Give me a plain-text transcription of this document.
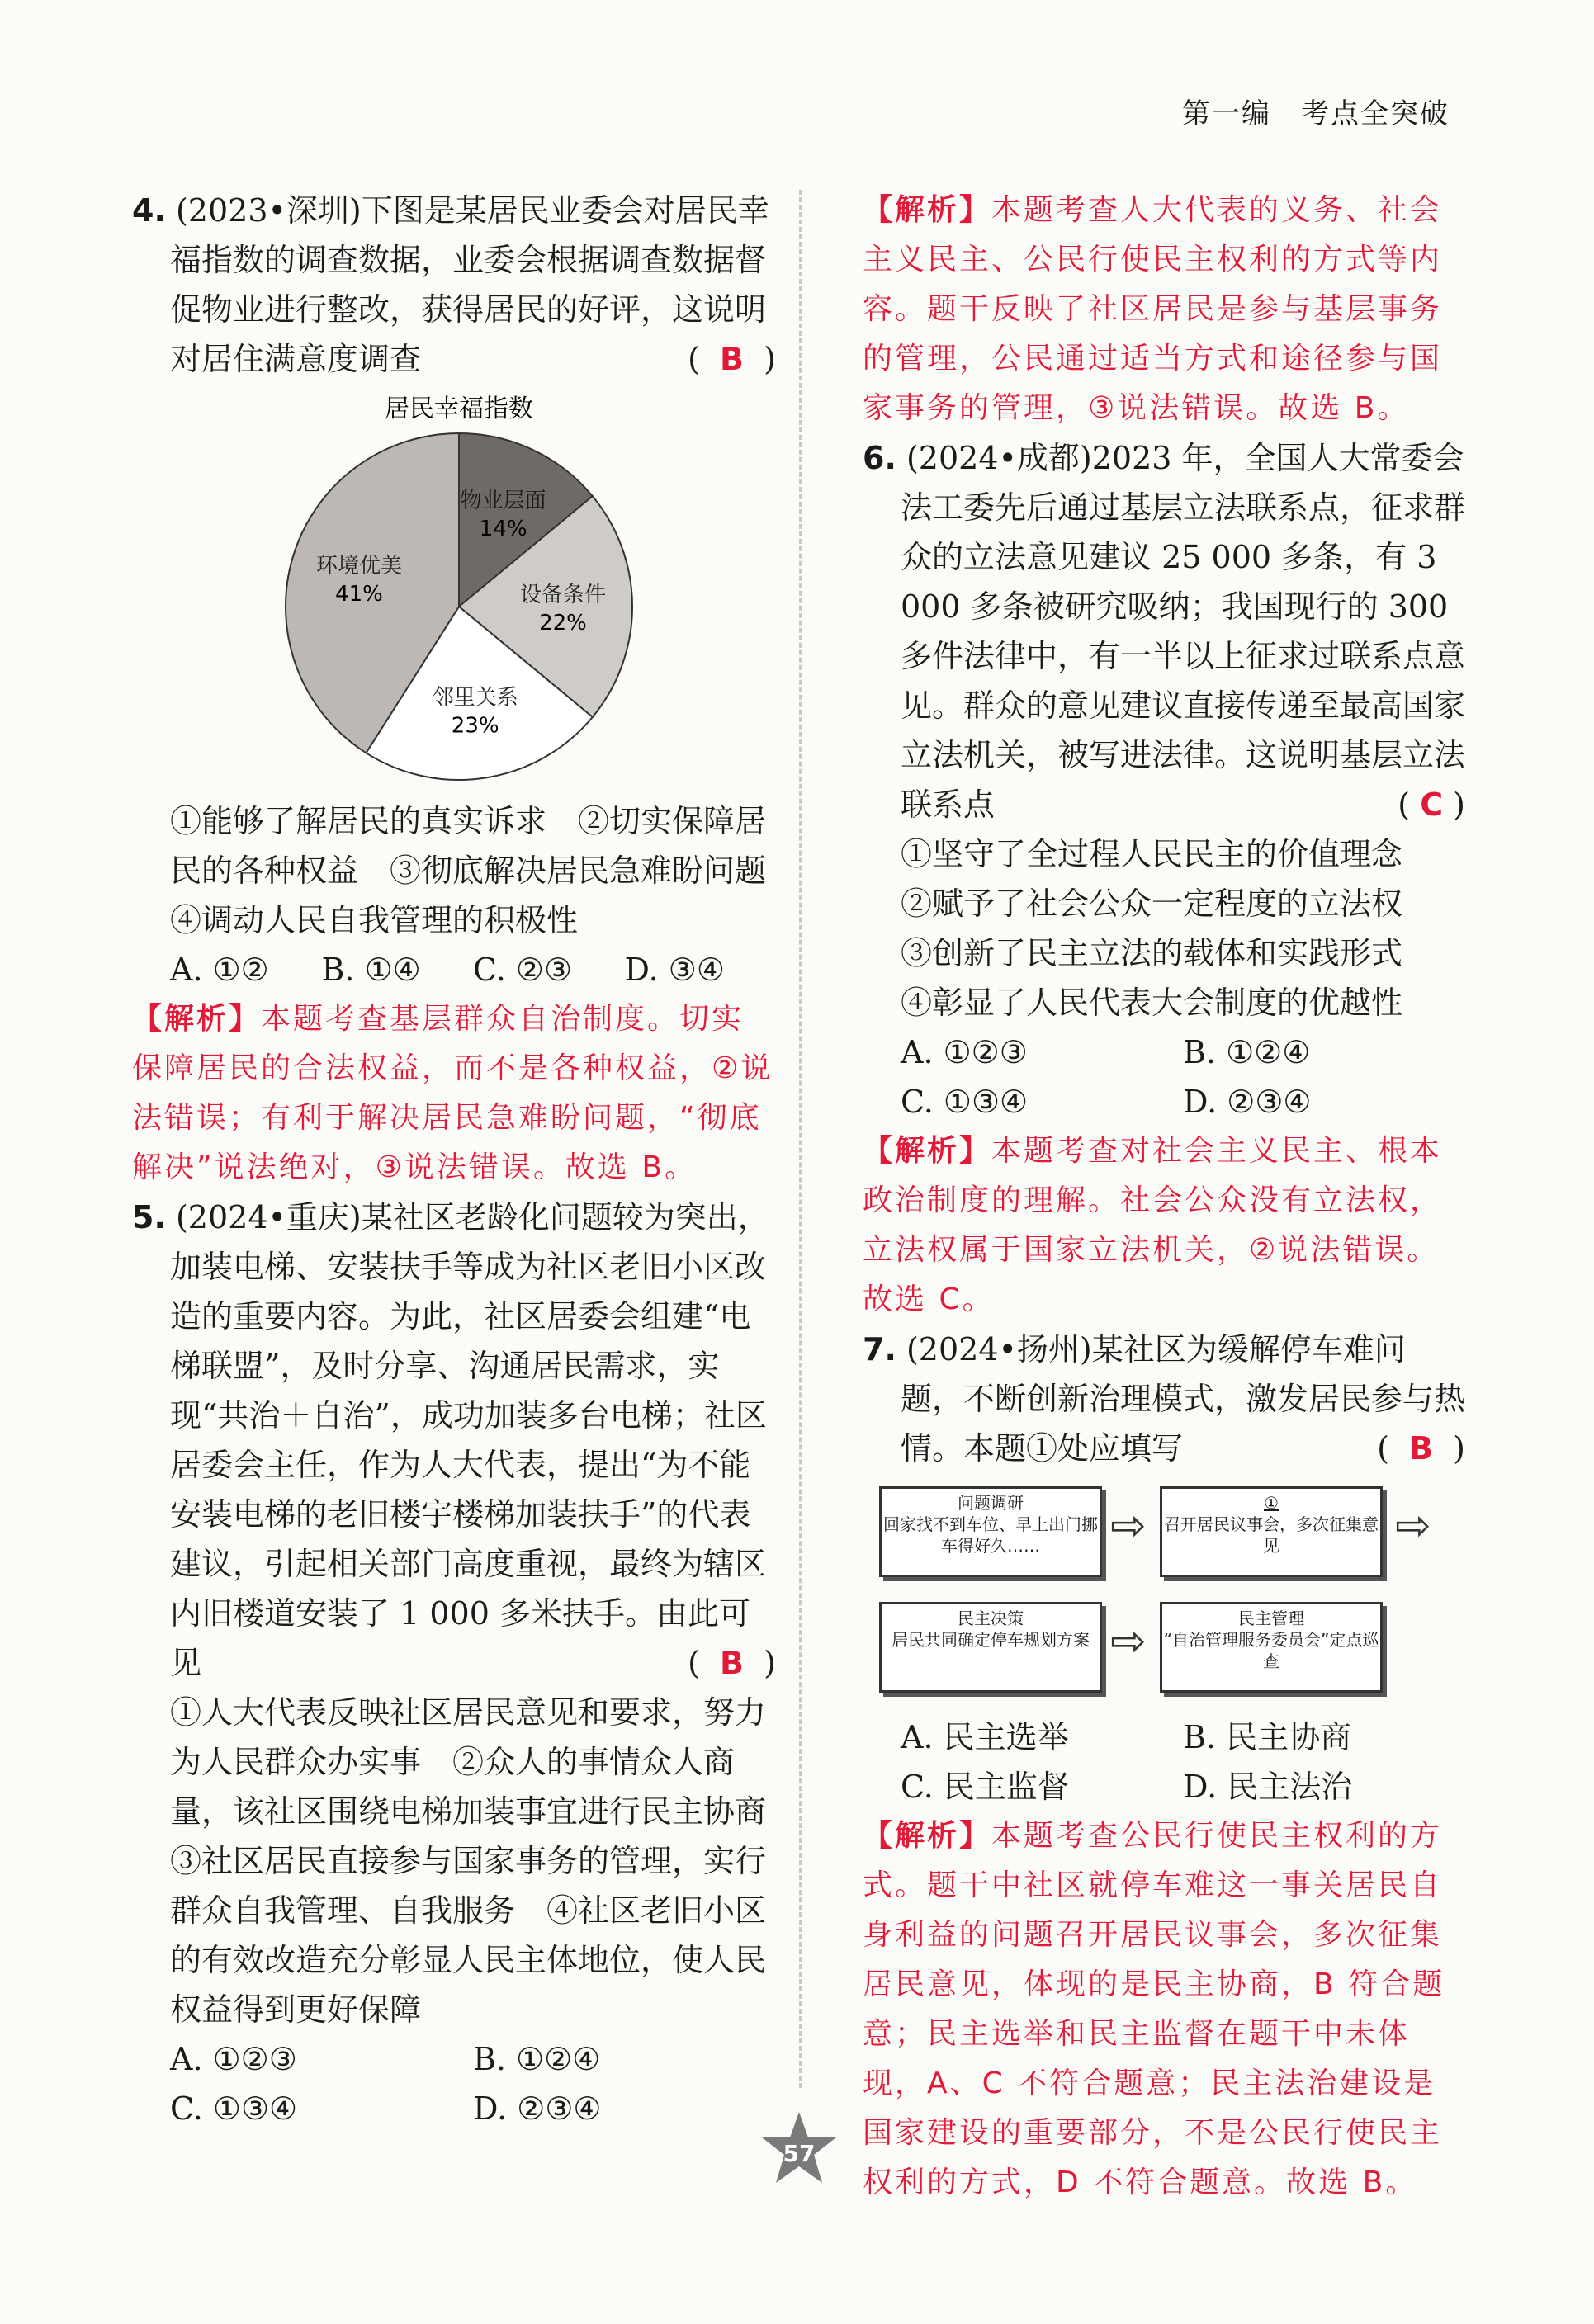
第一编 考点全突破

4. (2023•深圳)下图是某居民业委会对居民幸福指数的调查数据，业委会根据调查数据督促物业进行整改，获得居民的好评，这说明对居住满意度调查	(  B  )

居民幸福指数
物业层面
14%
设备条件
22%
邻里关系
23%
环境优美
41%

①能够了解居民的真实诉求　②切实保障居民的各种权益　③彻底解决居民急难盼问题　④调动人民自我管理的积极性

A. ①②	B. ①④	C. ②③	D. ③④

【解析】本题考查基层群众自治制度。切实保障居民的合法权益，而不是各种权益，②说法错误；有利于解决居民急难盼问题，“彻底解决”说法绝对，③说法错误。故选 B。

5. (2024•重庆)某社区老龄化问题较为突出，加装电梯、安装扶手等成为社区老旧小区改造的重要内容。为此，社区居委会组建“电梯联盟”，及时分享、沟通居民需求，实现“共治＋自治”，成功加装多台电梯；社区居委会主任，作为人大代表，提出“为不能安装电梯的老旧楼宇楼梯加装扶手”的代表建议，引起相关部门高度重视，最终为辖区内旧楼道安装了 1 000 多米扶手。由此可见	(  B  )

①人大代表反映社区居民意见和要求，努力为人民群众办实事　②众人的事情众人商量，该社区围绕电梯加装事宜进行民主协商　③社区居民直接参与国家事务的管理，实行群众自我管理、自我服务　④社区老旧小区的有效改造充分彰显人民主体地位，使人民权益得到更好保障

A. ①②③	B. ①②④
C. ①③④	D. ②③④

【解析】本题考查人大代表的义务、社会主义民主、公民行使民主权利的方式等内容。题干反映了社区居民是参与基层事务的管理，公民通过适当方式和途径参与国家事务的管理，③说法错误。故选 B。

6. (2024•成都)2023 年，全国人大常委会法工委先后通过基层立法联系点，征求群众的立法意见建议 25 000 多条，有 3 000 多条被研究吸纳；我国现行的 300 多件法律中，有一半以上征求过联系点意见。群众的意见建议直接传递至最高国家立法机关，被写进法律。这说明基层立法联系点	( C )

①坚守了全过程人民民主的价值理念

②赋予了社会公众一定程度的立法权

③创新了民主立法的载体和实践形式

④彰显了人民代表大会制度的优越性

A. ①②③	B. ①②④
C. ①③④	D. ②③④

【解析】本题考查对社会主义民主、根本政治制度的理解。社会公众没有立法权，立法权属于国家立法机关，②说法错误。故选 C。

7. (2024•扬州)某社区为缓解停车难问题，不断创新治理模式，激发居民参与热情。本题①处应填写	(  B  )

问题调研
回家找不到车位、早上出门挪车得好久……	⇨	①
召开居民议事会，多次征集意见	⇨
民主决策
居民共同确定停车规划方案 ⇨	民主管理
“自治管理服务委员会”定点巡查
A. 民主选举	B. 民主协商
C. 民主监督	D. 民主法治

【解析】本题考查公民行使民主权利的方式。题干中社区就停车难这一事关居民自身利益的问题召开居民议事会，多次征集居民意见，体现的是民主协商，B 符合题意；民主选举和民主监督在题干中未体现，A、C 不符合题意；民主法治建设是国家建设的重要部分，不是公民行使民主权利的方式，D 不符合题意。故选 B。

57
